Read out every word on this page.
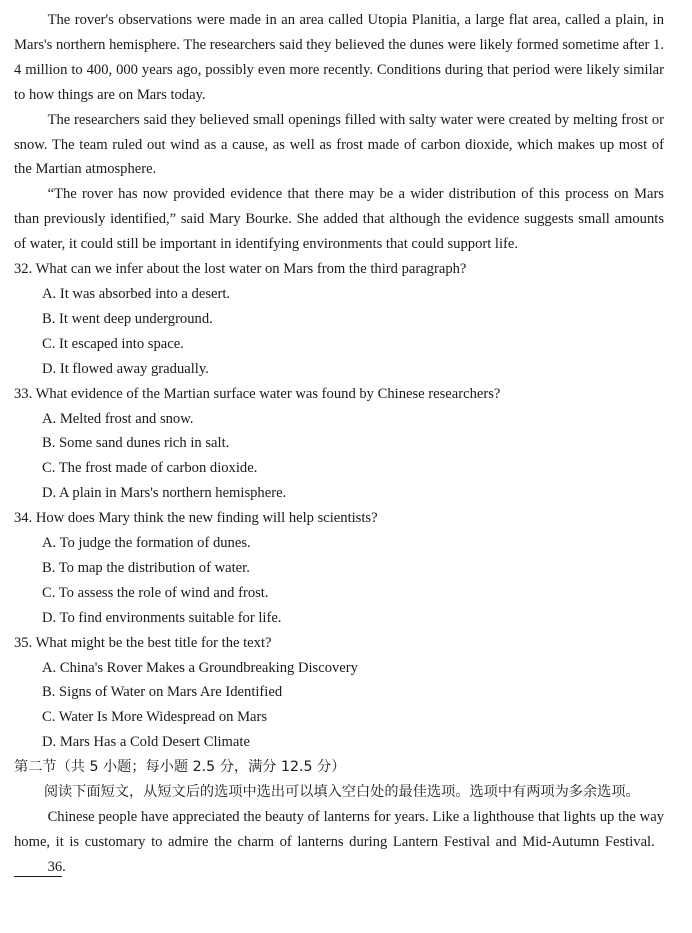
The rover's observations were made in an area called Utopia Planitia, a large flat area, called a plain, in Mars's northern hemisphere. The researchers said they believed the dunes were likely formed sometime after 1. 4 million to 400, 000 years ago, possibly even more recently. Conditions during that period were likely similar to how things are on Mars today.

The researchers said they believed small openings filled with salty water were created by melting frost or snow. The team ruled out wind as a cause, as well as frost made of carbon dioxide, which makes up most of the Martian atmosphere.

“The rover has now provided evidence that there may be a wider distribution of this process on Mars than previously identified,” said Mary Bourke. She added that although the evidence suggests small amounts of water, it could still be important in identifying environments that could support life.

32. What can we infer about the lost water on Mars from the third paragraph?

A. It was absorbed into a desert.

B. It went deep underground.

C. It escaped into space.

D. It flowed away gradually.

33. What evidence of the Martian surface water was found by Chinese researchers?

A. Melted frost and snow.

B. Some sand dunes rich in salt.

C. The frost made of carbon dioxide.

D. A plain in Mars's northern hemisphere.

34. How does Mary think the new finding will help scientists?

A. To judge the formation of dunes.

B. To map the distribution of water.

C. To assess the role of wind and frost.

D. To find environments suitable for life.

35. What might be the best title for the text?

A. China's Rover Makes a Groundbreaking Discovery

B. Signs of Water on Mars Are Identified

C. Water Is More Widespread on Mars

D. Mars Has a Cold Desert Climate

第二节（共 5 小题；每小题 2.5 分，满分 12.5 分）

阅读下面短文，从短文后的选项中选出可以填入空白处的最佳选项。选项中有两项为多余选项。

Chinese people have appreciated the beauty of lanterns for years. Like a lighthouse that lights up the way home, it is customary to admire the charm of lanterns during Lantern Festival and Mid-Autumn Festival.  36.
